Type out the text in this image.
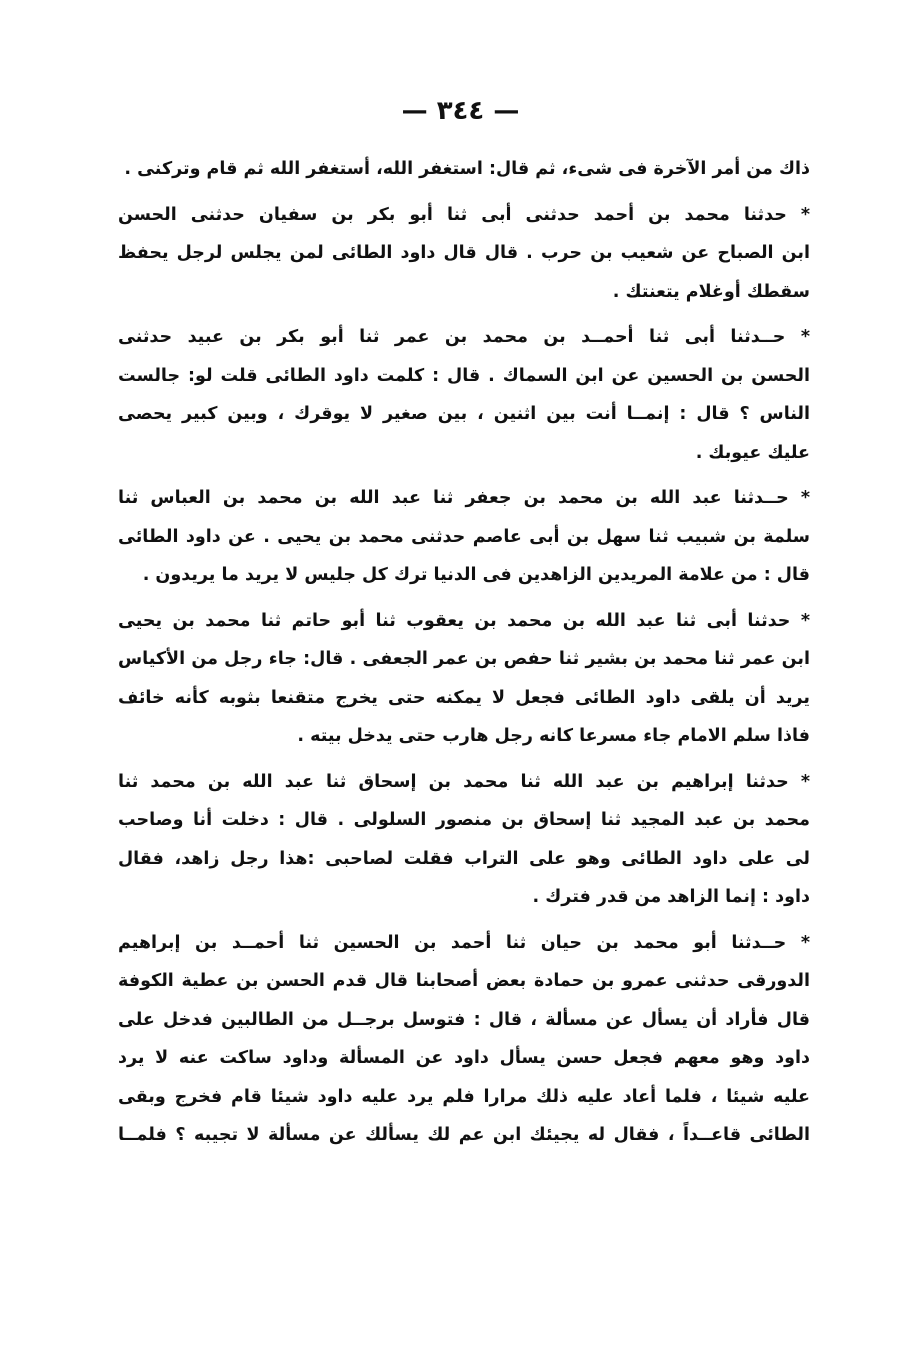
— ٣٤٤ —
ذاك من أمر الآخرة فى شىء، ثم قال: استغفر الله، أستغفر الله ثم قام وتركنى .
* حدثنا محمد بن أحمد حدثنى أبى ثنا أبو بكر بن سفيان حدثنى الحسن
ابن الصباح عن شعيب بن حرب . قال قال داود الطائى لمن يجلس لرجل يحفظ
سقطك أوغلام يتعنتك .
* حــدثنا أبى ثنا أحمــد بن محمد بن عمر ثنا أبو بكر بن عبيد حدثنى
الحسن بن الحسين عن ابن السماك . قال : كلمت داود الطائى قلت لو: جالست
الناس ؟ قال : إنمــا أنت بين اثنين ، بين صغير لا يوقرك ، وبين كبير يحصى
عليك عيوبك .
* حــدثنا عبد الله بن محمد بن جعفر ثنا عبد الله بن محمد بن العباس ثنا
سلمة بن شبيب ثنا سهل بن أبى عاصم حدثنى محمد بن يحيى . عن داود الطائى
قال : من علامة المريدين الزاهدين فى الدنيا ترك كل جليس لا يريد ما يريدون .
* حدثنا أبى ثنا عبد الله بن محمد بن يعقوب ثنا أبو حاتم ثنا محمد بن يحيى
ابن عمر ثنا محمد بن بشير ثنا حفص بن عمر الجعفى . قال: جاء رجل من الأكياس
يريد أن يلقى داود الطائى فجعل لا يمكنه حتى يخرج متقنعا بثوبه كأنه خائف
فاذا سلم الامام جاء مسرعا كانه رجل هارب حتى يدخل بيته .
* حدثنا إبراهيم بن عبد الله ثنا محمد بن إسحاق ثنا عبد الله بن محمد ثنا
محمد بن عبد المجيد ثنا إسحاق بن منصور السلولى . قال : دخلت أنا وصاحب
لى على داود الطائى وهو على التراب فقلت لصاحبى :هذا رجل زاهد، فقال
داود : إنما الزاهد من قدر فترك .
* حــدثنا أبو محمد بن حيان ثنا أحمد بن الحسين ثنا أحمــد بن إبراهيم
الدورقى حدثنى عمرو بن حمادة بعض أصحابنا قال قدم الحسن بن عطية الكوفة
قال فأراد أن يسأل عن مسألة ، قال : فتوسل برجــل من الطالبين فدخل على
داود وهو معهم فجعل حسن يسأل داود عن المسألة وداود ساكت عنه لا يرد
عليه شيئا ، فلما أعاد عليه ذلك مرارا فلم يرد عليه داود شيئا قام فخرج وبقى
الطائى قاعــداً ، فقال له يجيئك ابن عم لك يسألك عن مسألة لا تجيبه ؟ فلمــا
